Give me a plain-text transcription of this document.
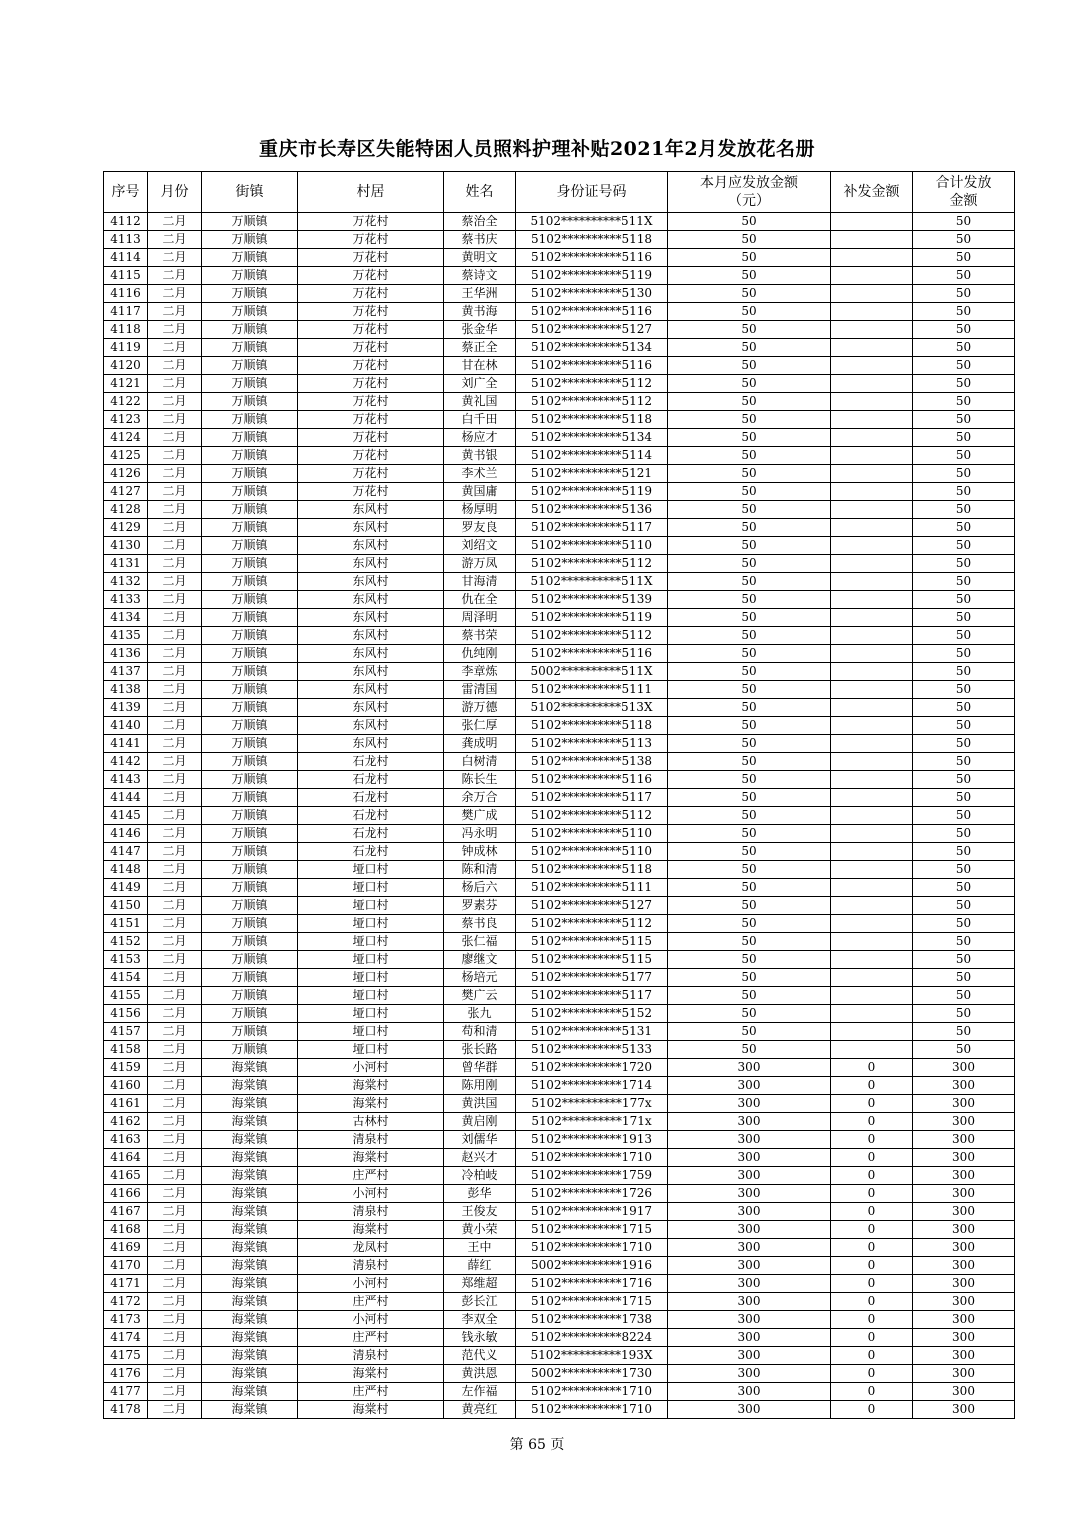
重庆市长寿区失能特困人员照料护理补贴2021年2月发放花名册
序号	月份	街镇	村居	姓名	身份证号码	本月应发放金额（元）	补发金额	合计发放金额
4112	二月	万顺镇	万花村	蔡治全	5102**********511X	50		50
4113	二月	万顺镇	万花村	蔡书庆	5102**********5118	50		50
4114	二月	万顺镇	万花村	黄明文	5102**********5116	50		50
4115	二月	万顺镇	万花村	蔡诗文	5102**********5119	50		50
4116	二月	万顺镇	万花村	王华洲	5102**********5130	50		50
4117	二月	万顺镇	万花村	黄书海	5102**********5116	50		50
4118	二月	万顺镇	万花村	张金华	5102**********5127	50		50
4119	二月	万顺镇	万花村	蔡正全	5102**********5134	50		50
4120	二月	万顺镇	万花村	甘在林	5102**********5116	50		50
4121	二月	万顺镇	万花村	刘广全	5102**********5112	50		50
4122	二月	万顺镇	万花村	黄礼国	5102**********5112	50		50
4123	二月	万顺镇	万花村	白千田	5102**********5118	50		50
4124	二月	万顺镇	万花村	杨应才	5102**********5134	50		50
4125	二月	万顺镇	万花村	黄书银	5102**********5114	50		50
4126	二月	万顺镇	万花村	李术兰	5102**********5121	50		50
4127	二月	万顺镇	万花村	黄国庸	5102**********5119	50		50
4128	二月	万顺镇	东风村	杨厚明	5102**********5136	50		50
4129	二月	万顺镇	东风村	罗友良	5102**********5117	50		50
4130	二月	万顺镇	东风村	刘绍文	5102**********5110	50		50
4131	二月	万顺镇	东风村	游万凤	5102**********5112	50		50
4132	二月	万顺镇	东风村	甘海清	5102**********511X	50		50
4133	二月	万顺镇	东风村	仇在全	5102**********5139	50		50
4134	二月	万顺镇	东风村	周泽明	5102**********5119	50		50
4135	二月	万顺镇	东风村	蔡书荣	5102**********5112	50		50
4136	二月	万顺镇	东风村	仇纯刚	5102**********5116	50		50
4137	二月	万顺镇	东风村	李章炼	5002**********511X	50		50
4138	二月	万顺镇	东风村	雷清国	5102**********5111	50		50
4139	二月	万顺镇	东风村	游万德	5102**********513X	50		50
4140	二月	万顺镇	东风村	张仁厚	5102**********5118	50		50
4141	二月	万顺镇	东风村	龚成明	5102**********5113	50		50
4142	二月	万顺镇	石龙村	白树清	5102**********5138	50		50
4143	二月	万顺镇	石龙村	陈长生	5102**********5116	50		50
4144	二月	万顺镇	石龙村	余万合	5102**********5117	50		50
4145	二月	万顺镇	石龙村	樊广成	5102**********5112	50		50
4146	二月	万顺镇	石龙村	冯永明	5102**********5110	50		50
4147	二月	万顺镇	石龙村	钟成林	5102**********5110	50		50
4148	二月	万顺镇	垭口村	陈和清	5102**********5118	50		50
4149	二月	万顺镇	垭口村	杨后六	5102**********5111	50		50
4150	二月	万顺镇	垭口村	罗素芬	5102**********5127	50		50
4151	二月	万顺镇	垭口村	蔡书良	5102**********5112	50		50
4152	二月	万顺镇	垭口村	张仁福	5102**********5115	50		50
4153	二月	万顺镇	垭口村	廖继文	5102**********5115	50		50
4154	二月	万顺镇	垭口村	杨培元	5102**********5177	50		50
4155	二月	万顺镇	垭口村	樊广云	5102**********5117	50		50
4156	二月	万顺镇	垭口村	张九	5102**********5152	50		50
4157	二月	万顺镇	垭口村	苟和清	5102**********5131	50		50
4158	二月	万顺镇	垭口村	张长路	5102**********5133	50		50
4159	二月	海棠镇	小河村	曾华群	5102**********1720	300	0	300
4160	二月	海棠镇	海棠村	陈用刚	5102**********1714	300	0	300
4161	二月	海棠镇	海棠村	黄洪国	5102**********177x	300	0	300
4162	二月	海棠镇	古林村	黄启刚	5102**********171x	300	0	300
4163	二月	海棠镇	清泉村	刘儒华	5102**********1913	300	0	300
4164	二月	海棠镇	海棠村	赵兴才	5102**********1710	300	0	300
4165	二月	海棠镇	庄严村	冷柏岐	5102**********1759	300	0	300
4166	二月	海棠镇	小河村	彭华	5102**********1726	300	0	300
4167	二月	海棠镇	清泉村	王俊友	5102**********1917	300	0	300
4168	二月	海棠镇	海棠村	黄小荣	5102**********1715	300	0	300
4169	二月	海棠镇	龙凤村	王中	5102**********1710	300	0	300
4170	二月	海棠镇	清泉村	薛红	5002**********1916	300	0	300
4171	二月	海棠镇	小河村	郑维超	5102**********1716	300	0	300
4172	二月	海棠镇	庄严村	彭长江	5102**********1715	300	0	300
4173	二月	海棠镇	小河村	李双全	5102**********1738	300	0	300
4174	二月	海棠镇	庄严村	钱永敏	5102**********8224	300	0	300
4175	二月	海棠镇	清泉村	范代义	5102**********193X	300	0	300
4176	二月	海棠镇	海棠村	黄洪恩	5002**********1730	300	0	300
4177	二月	海棠镇	庄严村	左作福	5102**********1710	300	0	300
4178	二月	海棠镇	海棠村	黄亮红	5102**********1710	300	0	300
第 65 页
